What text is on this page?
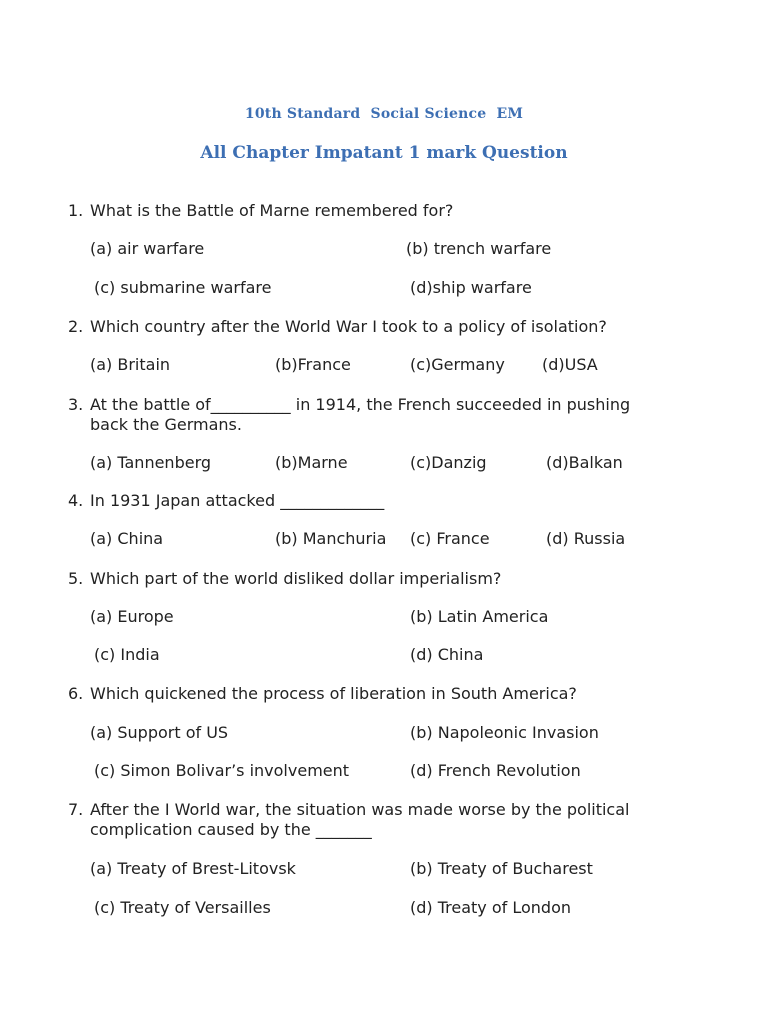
10th Standard  Social Science  EM
All Chapter Impatant 1 mark Question
1. What is the Battle of Marne remembered for?
(a) air warfare	(b) trench warfare
(c) submarine warfare	(d)ship warfare
2. Which country after the World War I took to a policy of isolation?
(a) Britain	(b)France	(c)Germany (d)USA
3. At the battle of__________ in 1914, the French succeeded in pushing back the Germans.
(a) Tannenberg	(b)Marne	(c)Danzig	(d)Balkan
4. In 1931 Japan attacked _____________
(a) China	(b) Manchuria (c) France	(d) Russia
5. Which part of the world disliked dollar imperialism?
(a) Europe	(b) Latin America
(c) India	(d) China
6. Which quickened the process of liberation in South America?
(a) Support of US	(b) Napoleonic Invasion
(c) Simon Bolivar’s involvement	(d) French Revolution
7. After the I World war, the situation was made worse by the political complication caused by the _______
(a) Treaty of Brest-Litovsk	(b) Treaty of Bucharest
(c) Treaty of Versailles	(d) Treaty of London
